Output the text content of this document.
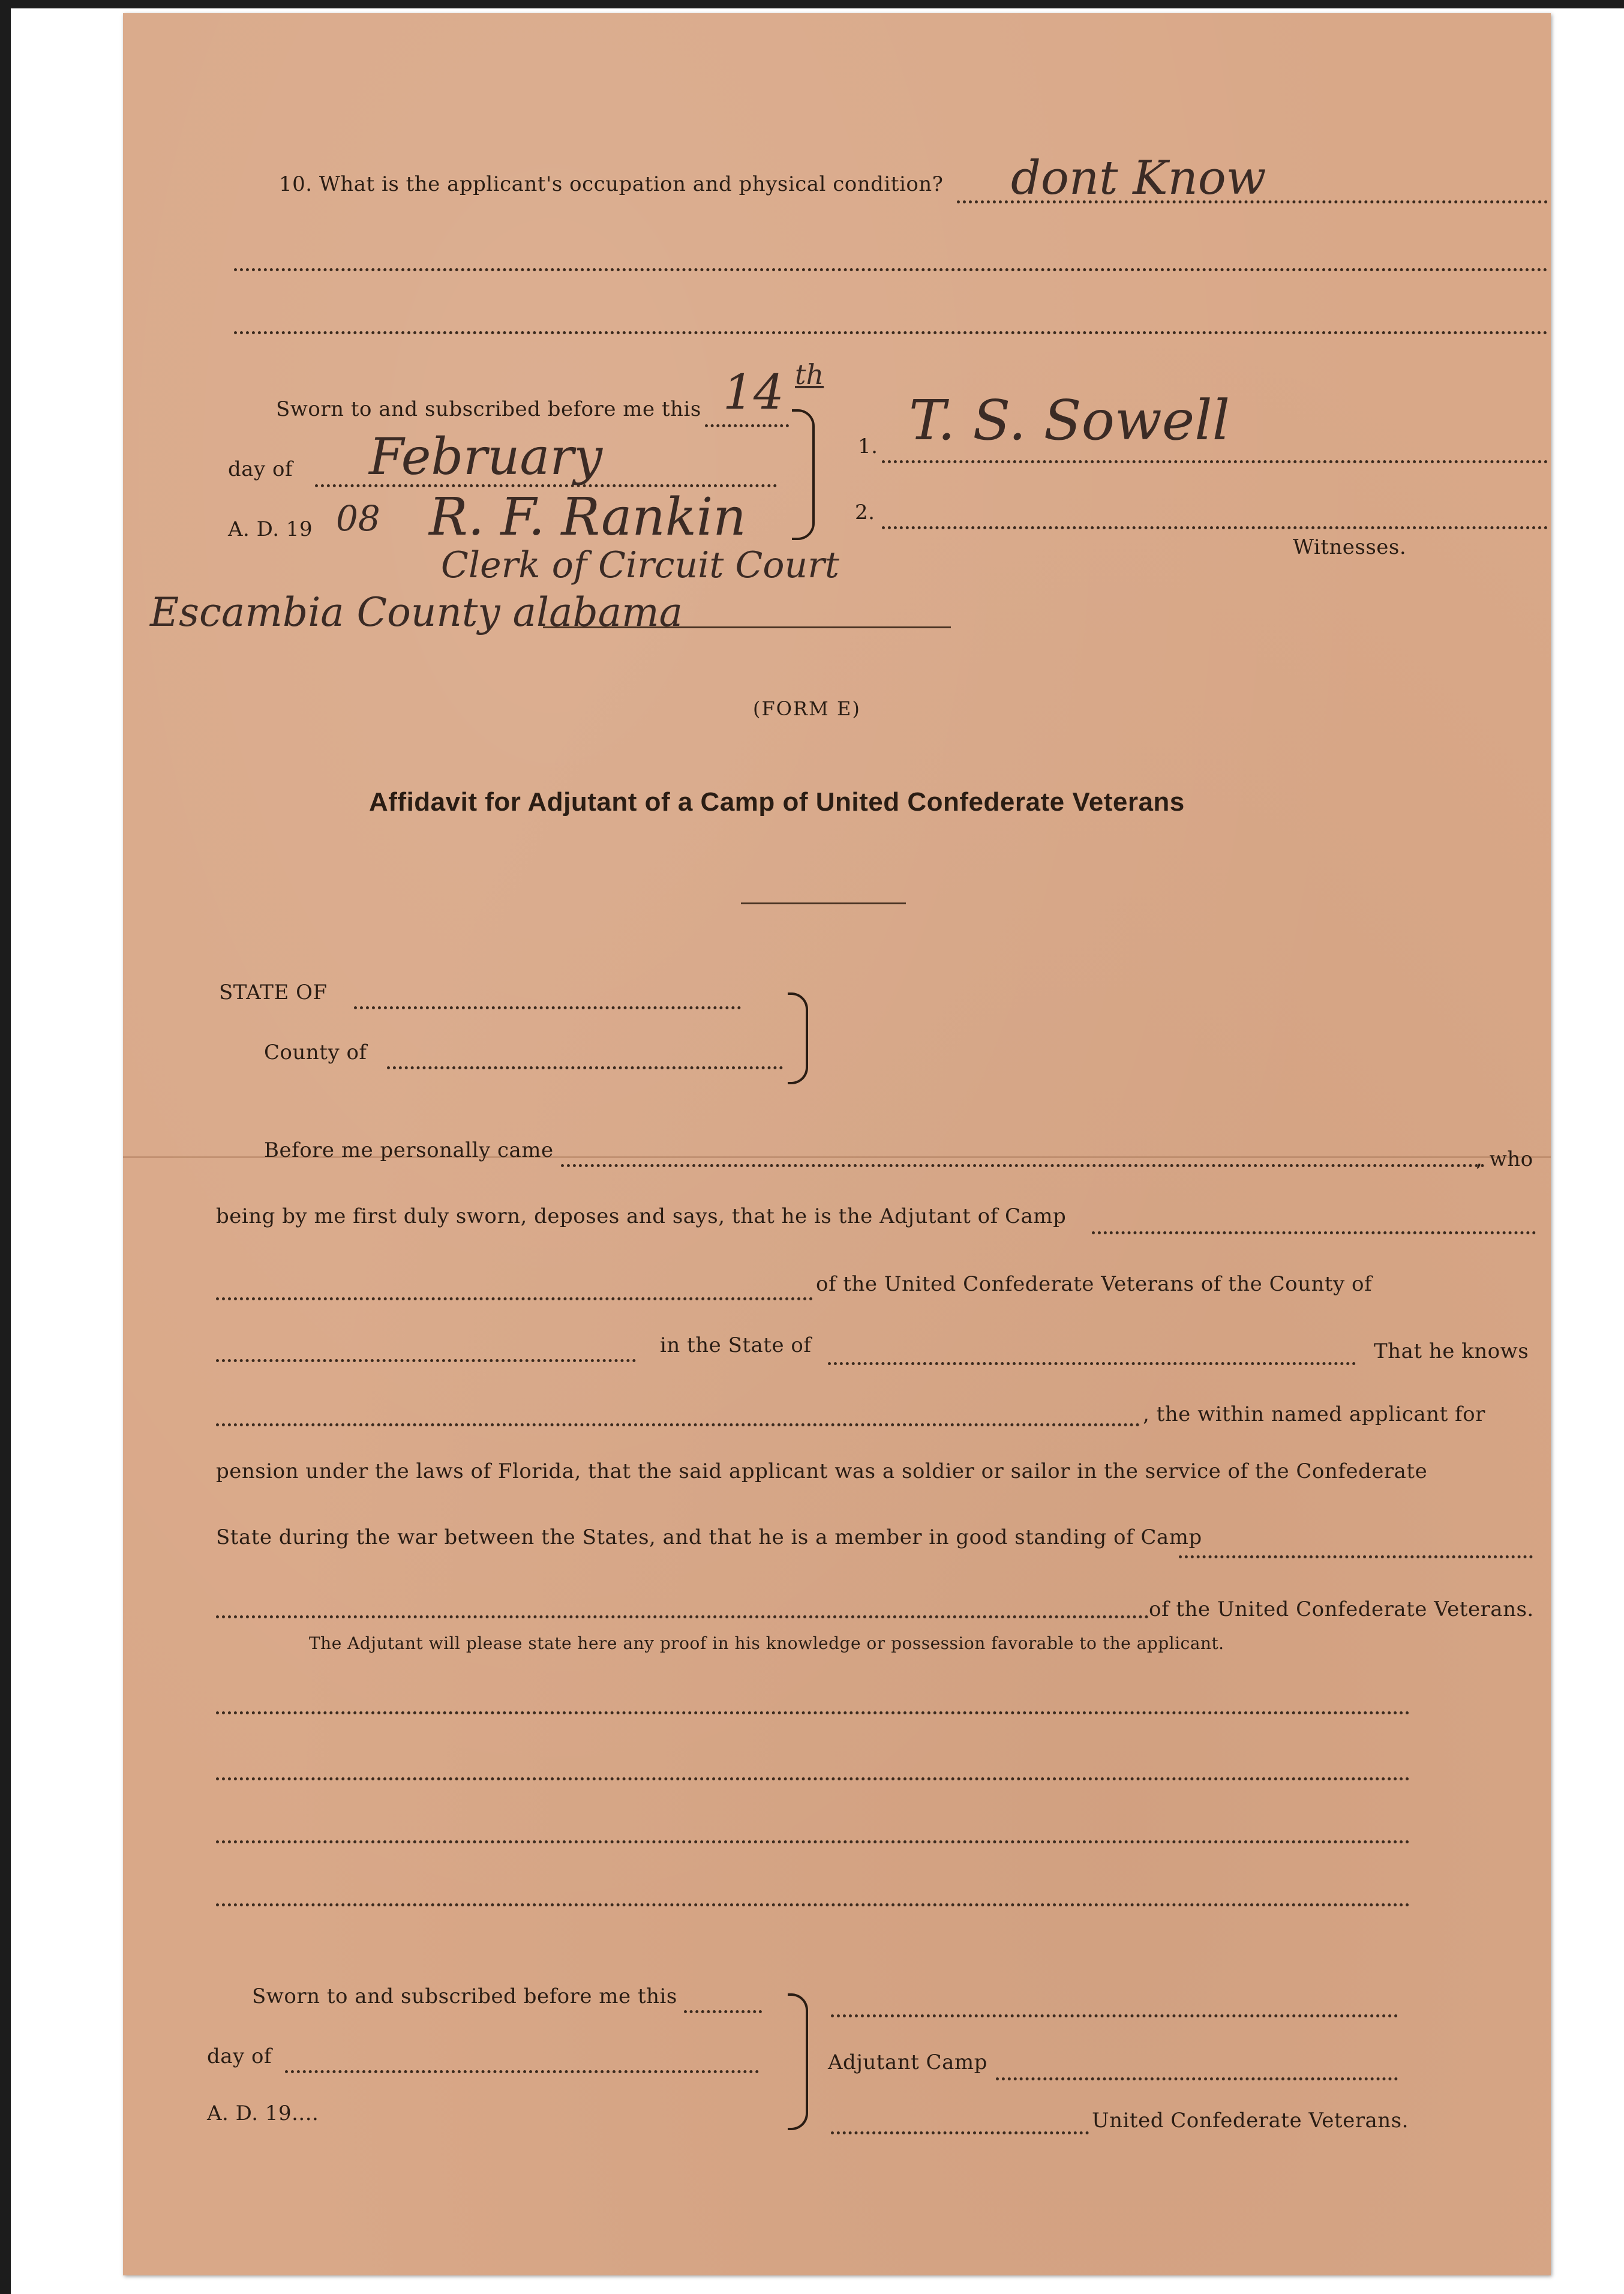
10. What is the applicant's occupation and physical condition? dont Know
Sworn to and subscribed before me this 14 th
day of February
A. D. 19 08 R. F. Rankin
Clerk of Circuit Court
Escambia County alabama
1. T. S. Sowell
2.
Witnesses.
(FORM E)
Affidavit for Adjutant of a Camp of United Confederate Veterans
STATE OF
County of
Before me personally came	, who
being by me first duly sworn, deposes and says, that he is the Adjutant of Camp
of the United Confederate Veterans of the County of
in the State of	That he knows
, the within named applicant for
pension under the laws of Florida, that the said applicant was a soldier or sailor in the service of the Confederate
State during the war between the States, and that he is a member in good standing of Camp
of the United Confederate Veterans.
The Adjutant will please state here any proof in his knowledge or possession favorable to the applicant.
Sworn to and subscribed before me this
day of
A. D. 19....
Adjutant Camp
United Confederate Veterans.
